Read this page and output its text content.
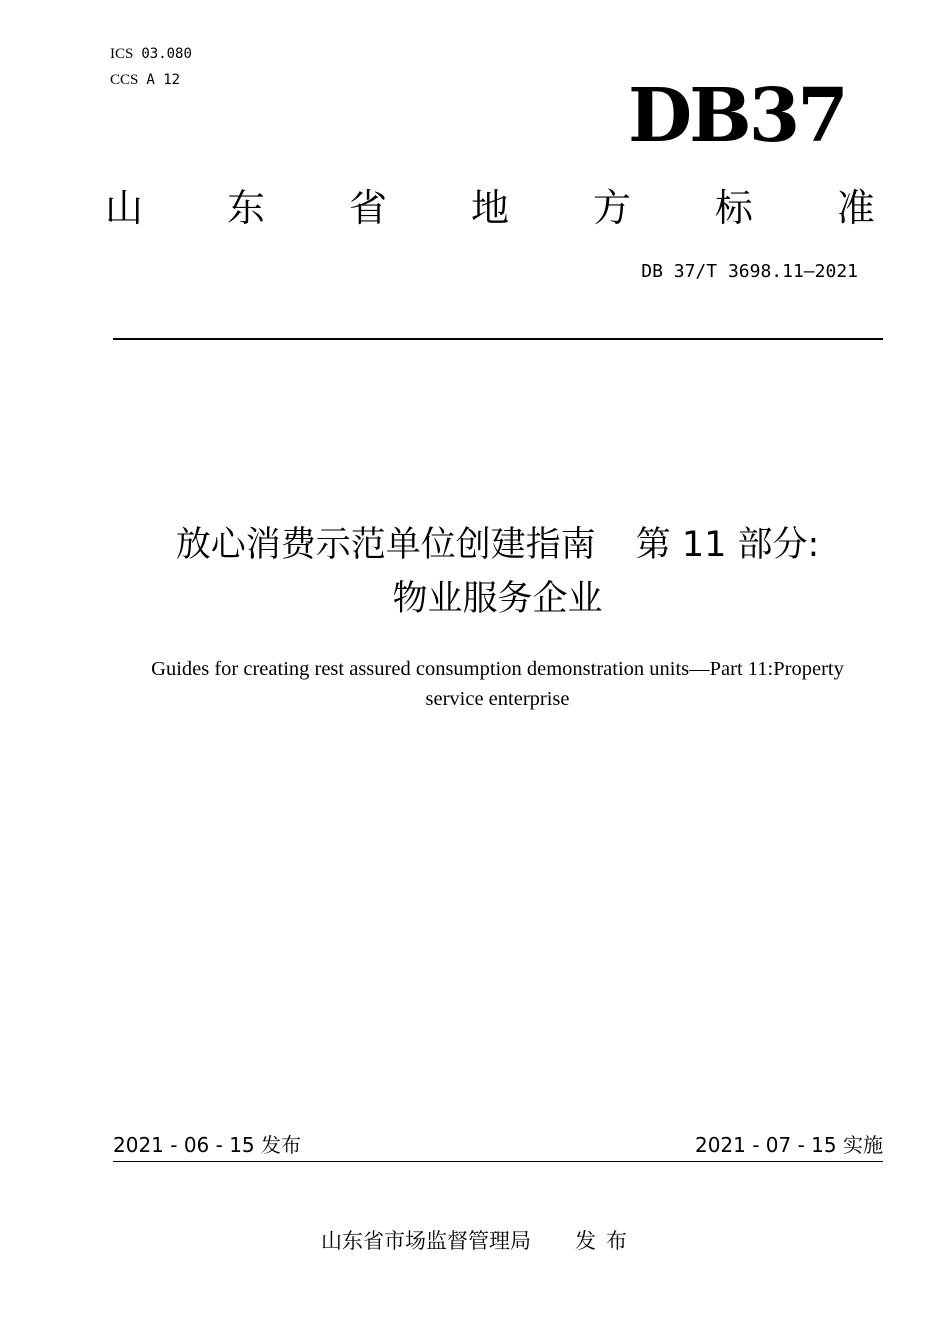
ICS 03.080
CCS A 12	DB37
山 东 省 地 方 标 准
DB 37/T 3698.11—2021
放心消费示范单位创建指南 第 11 部分:
物业服务企业
Guides for creating rest assured consumption demonstration units—Part 11:Property
service enterprise
2021 - 06 - 15 发布	2021 - 07 - 15 实施
山东省市场监督管理局 发布
